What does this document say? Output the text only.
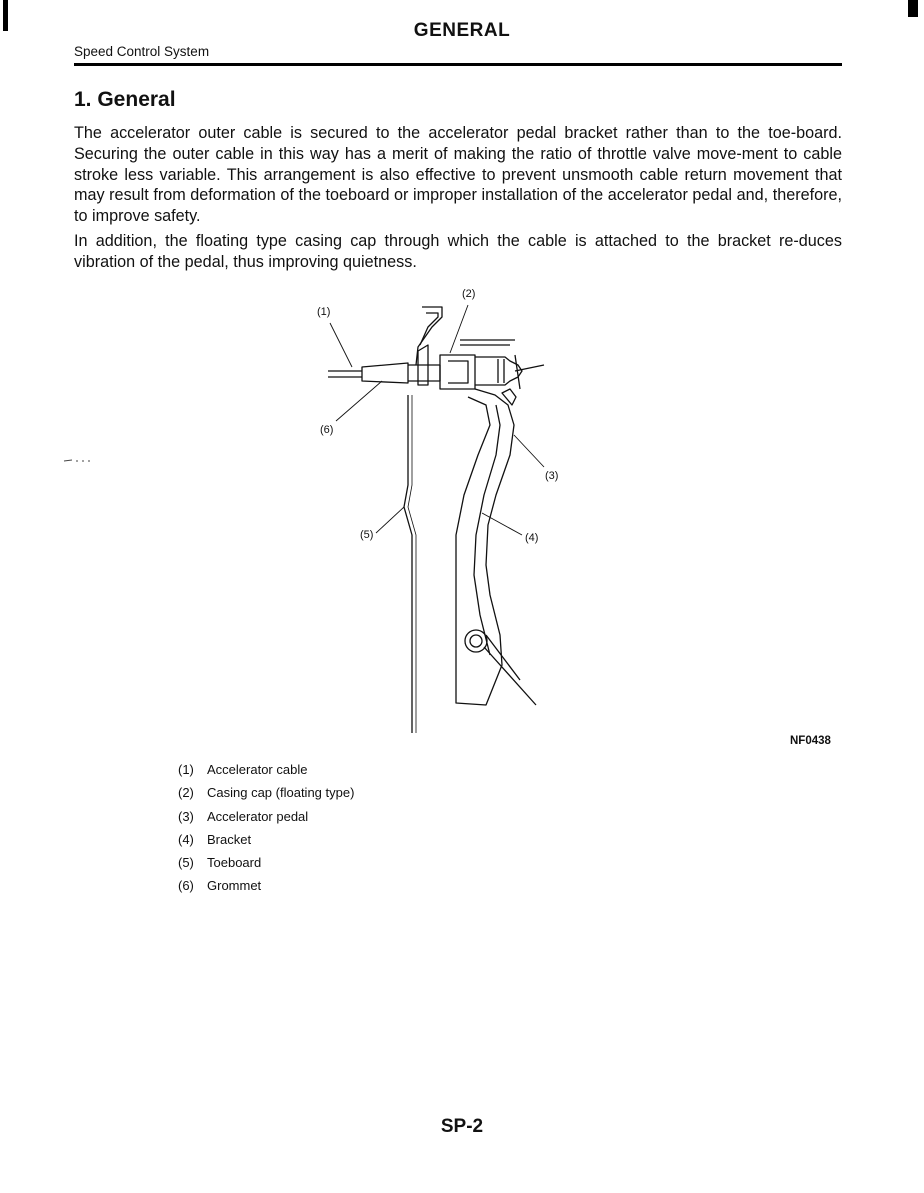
GENERAL
Speed Control System
1. General

The accelerator outer cable is secured to the accelerator pedal bracket rather than to the toe-board. Securing the outer cable in this way has a merit of making the ratio of throttle valve move-ment to cable stroke less variable. This arrangement is also effective to prevent unsmooth cable return movement that may result from deformation of the toeboard or improper installation of the accelerator pedal and, therefore, to improve safety.

In addition, the floating type casing cap through which the cable is attached to the bracket re-duces vibration of the pedal, thus improving quietness.

(1)
(2)
(3)
(4)
(5)
(6)
NF0438
(1)	Accelerator cable
(2)	Casing cap (floating type)
(3)	Accelerator pedal
(4)	Bracket
(5)	Toeboard
(6)	Grommet
SP-2
